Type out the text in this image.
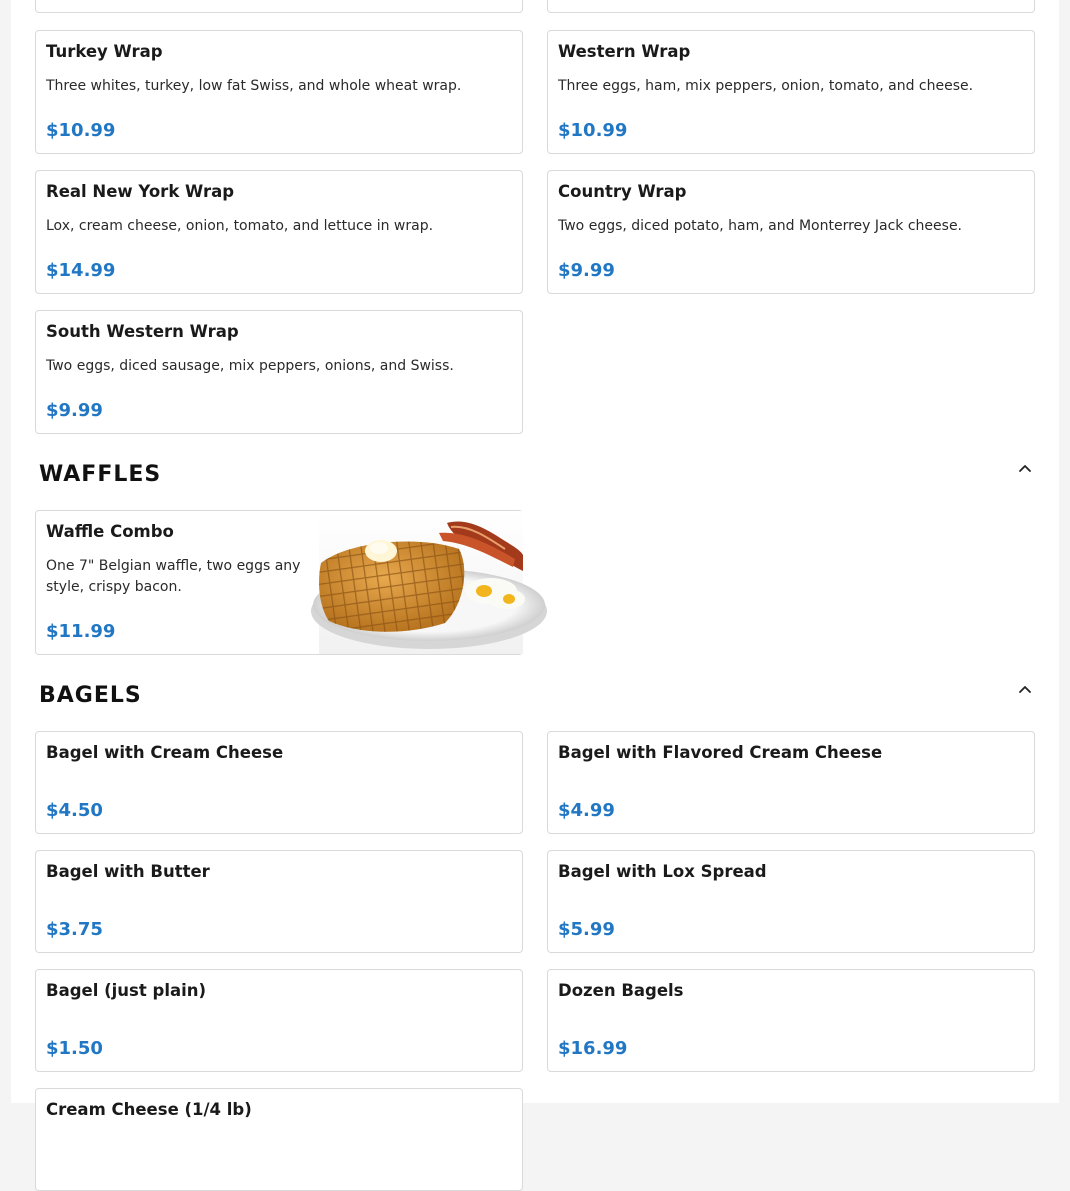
Turkey Wrap
Three whites, turkey, low fat Swiss, and whole wheat wrap.
$10.99
Western Wrap
Three eggs, ham, mix peppers, onion, tomato, and cheese.
$10.99
Real New York Wrap
Lox, cream cheese, onion, tomato, and lettuce in wrap.
$14.99
Country Wrap
Two eggs, diced potato, ham, and Monterrey Jack cheese.
$9.99
South Western Wrap
Two eggs, diced sausage, mix peppers, onions, and Swiss.
$9.99
WAFFLES
Waffle Combo
One 7" Belgian waffle, two eggs any style, crispy bacon.
$11.99
BAGELS
Bagel with Cream Cheese
$4.50
Bagel with Flavored Cream Cheese
$4.99
Bagel with Butter
$3.75
Bagel with Lox Spread
$5.99
Bagel (just plain)
$1.50
Dozen Bagels
$16.99
Cream Cheese (1/4 lb)
